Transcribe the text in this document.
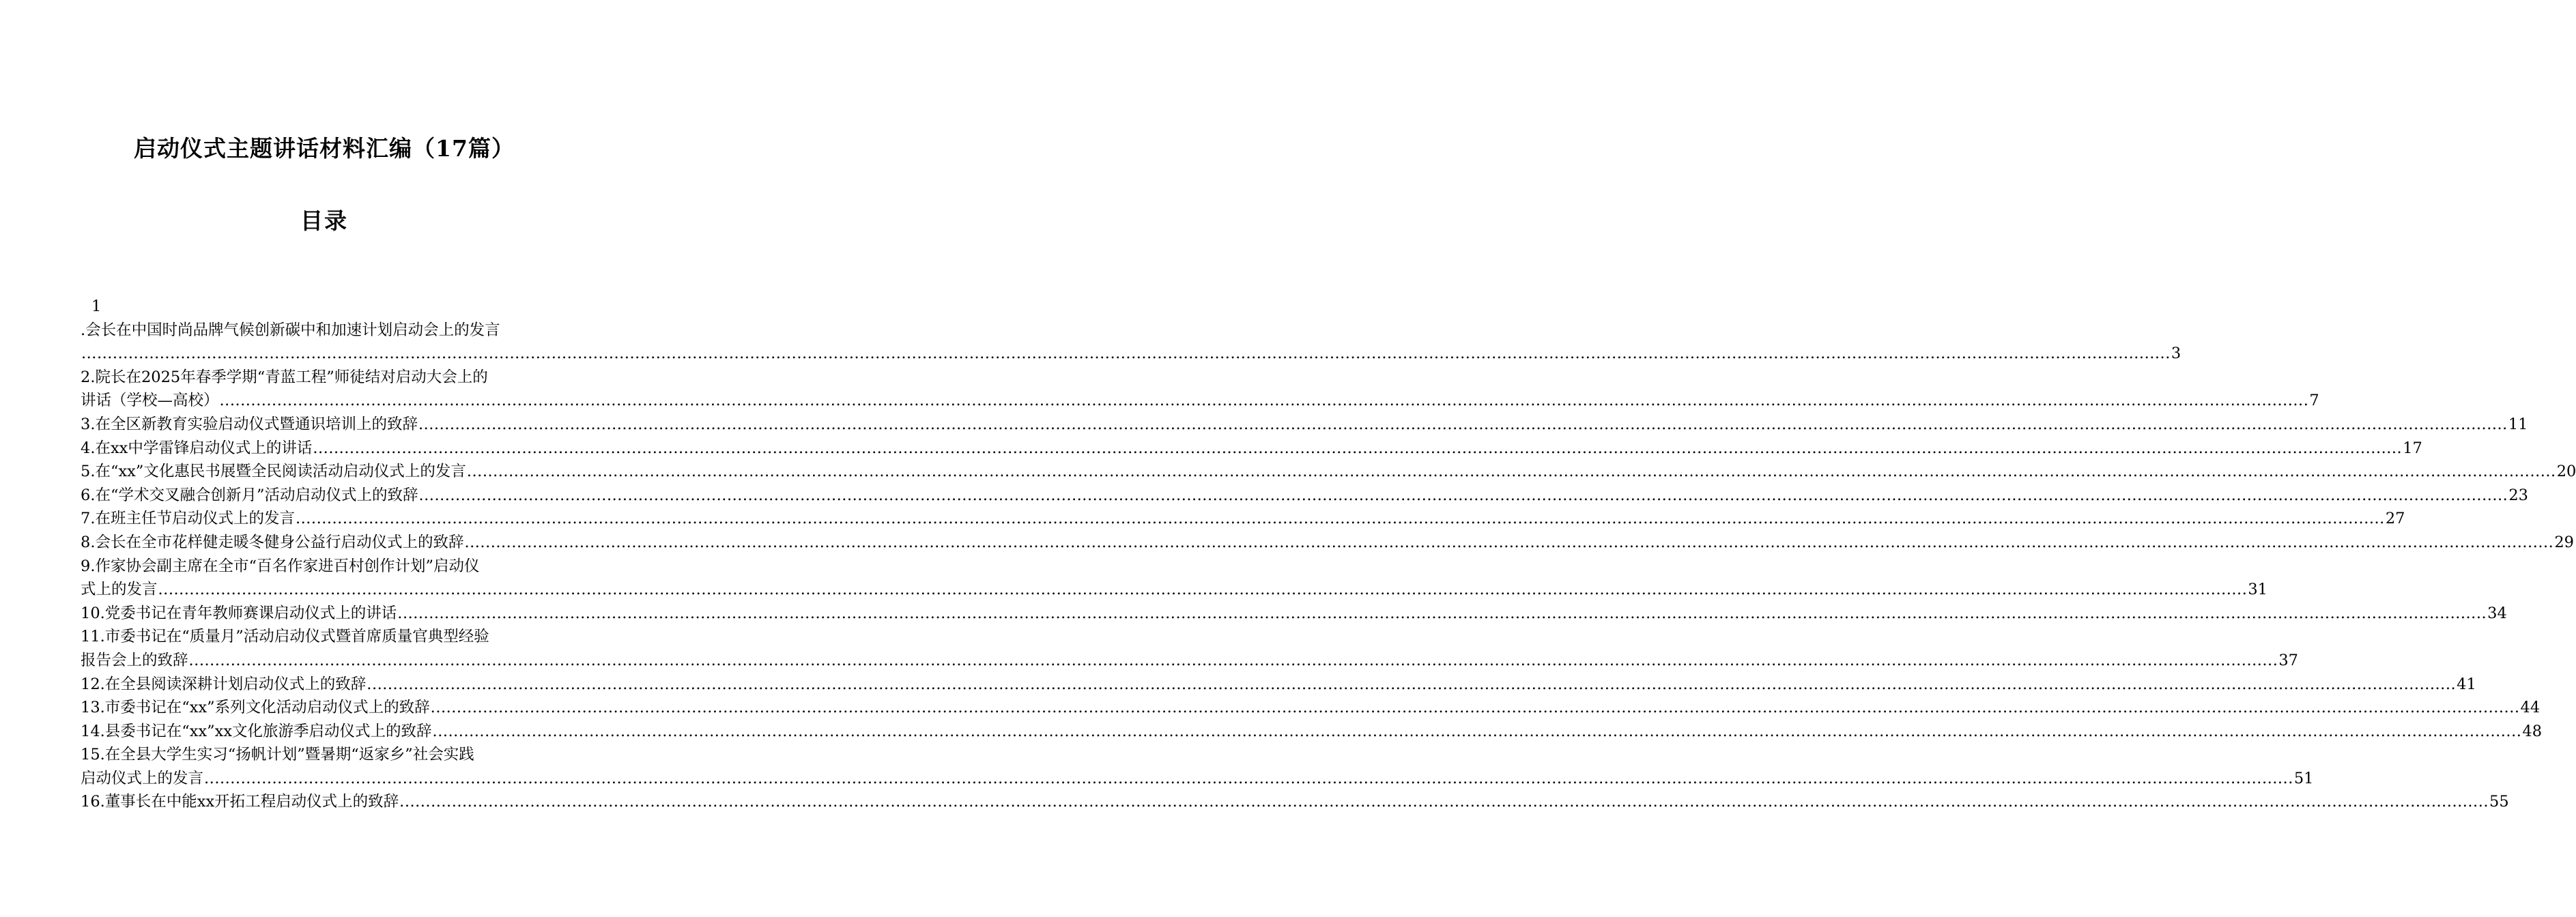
启动仪式主题讲话材料汇编（17篇）
目录
1
.会长在中国时尚品牌气候创新碳中和加速计划启动会上的发言
................................................................................................................................................................................................................................................................................................................................................................................................................ 3
2.院长在2025年春季学期“青蓝工程”师徒结对启动大会上的
讲话（学校—高校） ................................................................................................................................................................................................................................................................................................................................................................................................................ 7
3.在全区新教育实验启动仪式暨通识培训上的致辞 ................................................................................................................................................................................................................................................................................................................................................................................................................ 11
4.在xx中学雷锋启动仪式上的讲话 ................................................................................................................................................................................................................................................................................................................................................................................................................ 17
5.在“xx”文化惠民书展暨全民阅读活动启动仪式上的发言 ................................................................................................................................................................................................................................................................................................................................................................................................................ 20
6.在“学术交叉融合创新月”活动启动仪式上的致辞 ................................................................................................................................................................................................................................................................................................................................................................................................................ 23
7.在班主任节启动仪式上的发言 ................................................................................................................................................................................................................................................................................................................................................................................................................ 27
8.会长在全市花样健走暖冬健身公益行启动仪式上的致辞 ................................................................................................................................................................................................................................................................................................................................................................................................................ 29
9.作家协会副主席在全市“百名作家进百村创作计划”启动仪
式上的发言 ................................................................................................................................................................................................................................................................................................................................................................................................................ 31
10.党委书记在青年教师赛课启动仪式上的讲话 ................................................................................................................................................................................................................................................................................................................................................................................................................ 34
11.市委书记在“质量月”活动启动仪式暨首席质量官典型经验
报告会上的致辞 ................................................................................................................................................................................................................................................................................................................................................................................................................ 37
12.在全县阅读深耕计划启动仪式上的致辞 ................................................................................................................................................................................................................................................................................................................................................................................................................ 41
13.市委书记在“xx”系列文化活动启动仪式上的致辞 ................................................................................................................................................................................................................................................................................................................................................................................................................ 44
14.县委书记在“xx”xx文化旅游季启动仪式上的致辞 ................................................................................................................................................................................................................................................................................................................................................................................................................ 48
15.在全县大学生实习“扬帆计划”暨暑期“返家乡”社会实践
启动仪式上的发言 ................................................................................................................................................................................................................................................................................................................................................................................................................ 51
16.董事长在中能xx开拓工程启动仪式上的致辞 ................................................................................................................................................................................................................................................................................................................................................................................................................ 55
